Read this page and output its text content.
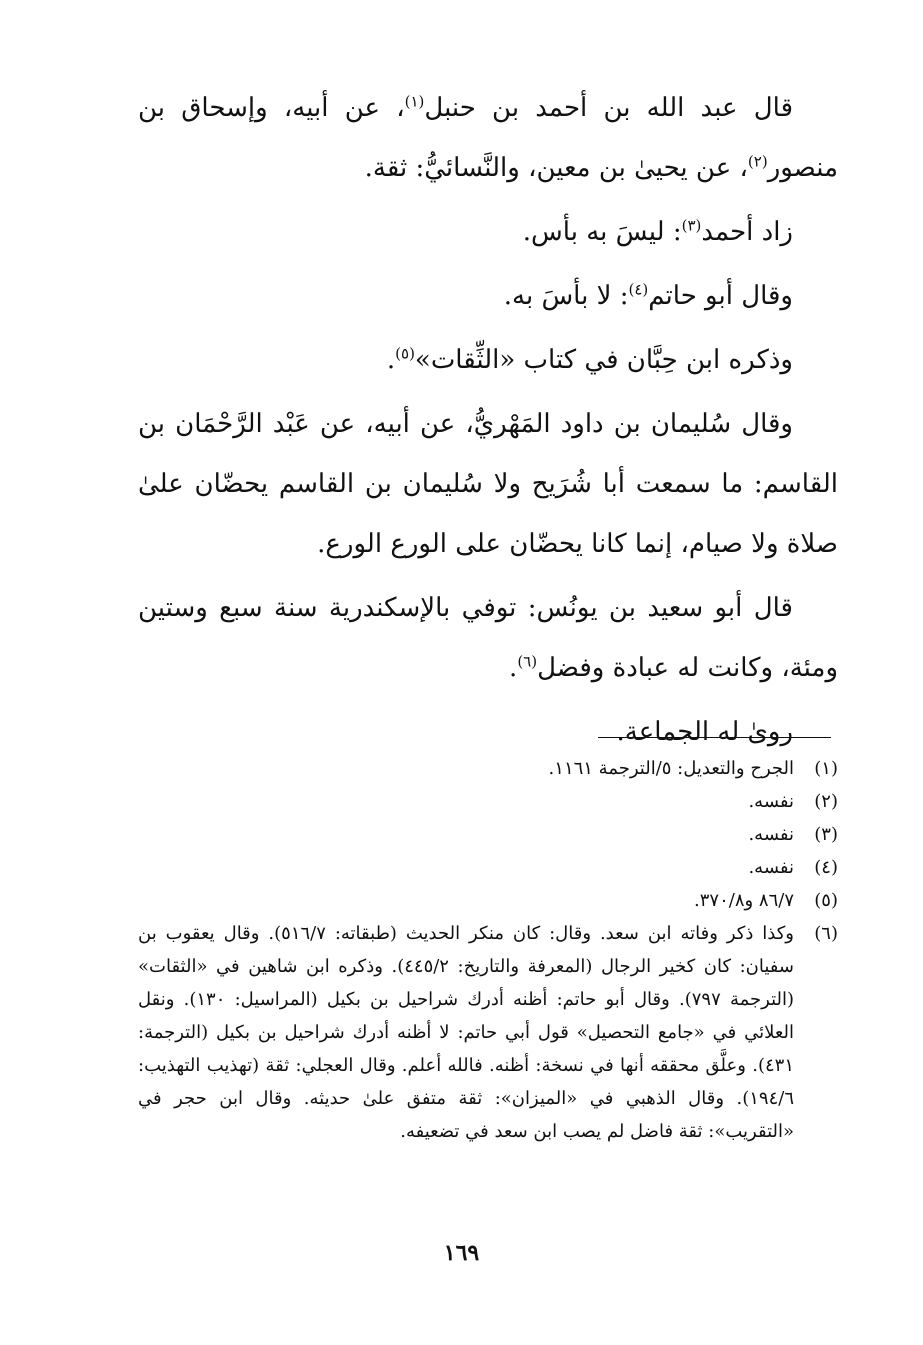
قال عبد الله بن أحمد بن حنبل$^{(١)}$، عن أبيه، وإسحاق بن منصور$^{(٢)}$، عن يحيىٰ بن معين، والنَّسائيُّ: ثقة.

زاد أحمد$^{(٣)}$: ليسَ به بأس.

وقال أبو حاتم$^{(٤)}$: لا بأسَ به.

وذكره ابن حِبَّان في كتاب «الثِّقات»$^{(٥)}$.

وقال سُليمان بن داود المَهْريُّ، عن أبيه، عن عَبْد الرَّحْمَان بن القاسم: ما سمعت أبا شُرَيح ولا سُليمان بن القاسم يحضّان علىٰ صلاة ولا صيام، إنما كانا يحضّان على الورع الورع.

قال أبو سعيد بن يونُس: توفي بالإسكندرية سنة سبع وستين ومئة، وكانت له عبادة وفضل$^{(٦)}$.

روىٰ له الجماعة.

(١)
الجرح والتعديل: ٥/الترجمة ١١٦١.
(٢)
نفسه.
(٣)
نفسه.
(٤)
نفسه.
(٥)
٨٦/٧ و٣٧٠/٨.
(٦)
وكذا ذكر وفاته ابن سعد. وقال: كان منكر الحديث (طبقاته: ٥١٦/٧). وقال يعقوب بن سفيان: كان كخير الرجال (المعرفة والتاريخ: ٤٤٥/٢). وذكره ابن شاهين في «الثقات» (الترجمة ٧٩٧). وقال أبو حاتم: أظنه أدرك شراحيل بن بكيل (المراسيل: ١٣٠). ونقل العلائي في «جامع التحصيل» قول أبي حاتم: لا أظنه أدرك شراحيل بن بكيل (الترجمة: ٤٣١). وعلَّق محققه أنها في نسخة: أظنه. فالله أعلم. وقال العجلي: ثقة (تهذيب التهذيب: ١٩٤/٦). وقال الذهبي في «الميزان»: ثقة متفق علىٰ حديثه. وقال ابن حجر في «التقريب»: ثقة فاضل لم يصب ابن سعد في تضعيفه.
١٦٩
